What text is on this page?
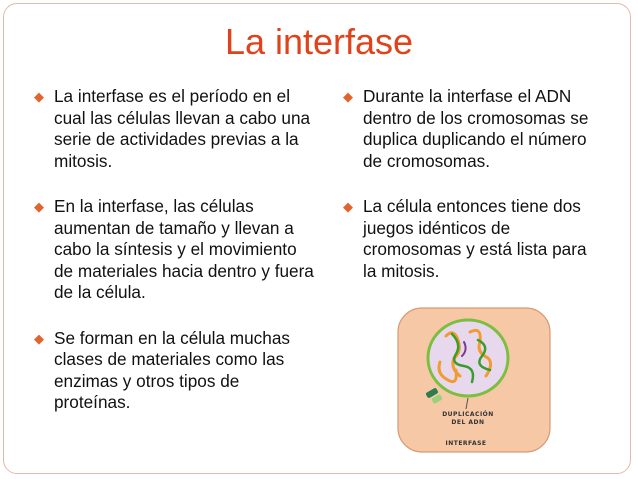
La interfase
◆ La interfase es el período en el cual las células llevan a cabo una serie de actividades previas a la mitosis.
◆ En la interfase, las células aumentan de tamaño y llevan a cabo la síntesis y el movimiento de materiales hacia dentro y fuera de la célula.
◆ Se forman en la célula muchas clases de materiales como las enzimas y otros tipos de proteínas.
◆ Durante la interfase el ADN dentro de los cromosomas se duplica duplicando el número de cromosomas.
◆ La célula entonces tiene dos juegos idénticos de cromosomas y está lista para la mitosis.
DUPLICACIÓN
DEL ADN
INTERFASE
